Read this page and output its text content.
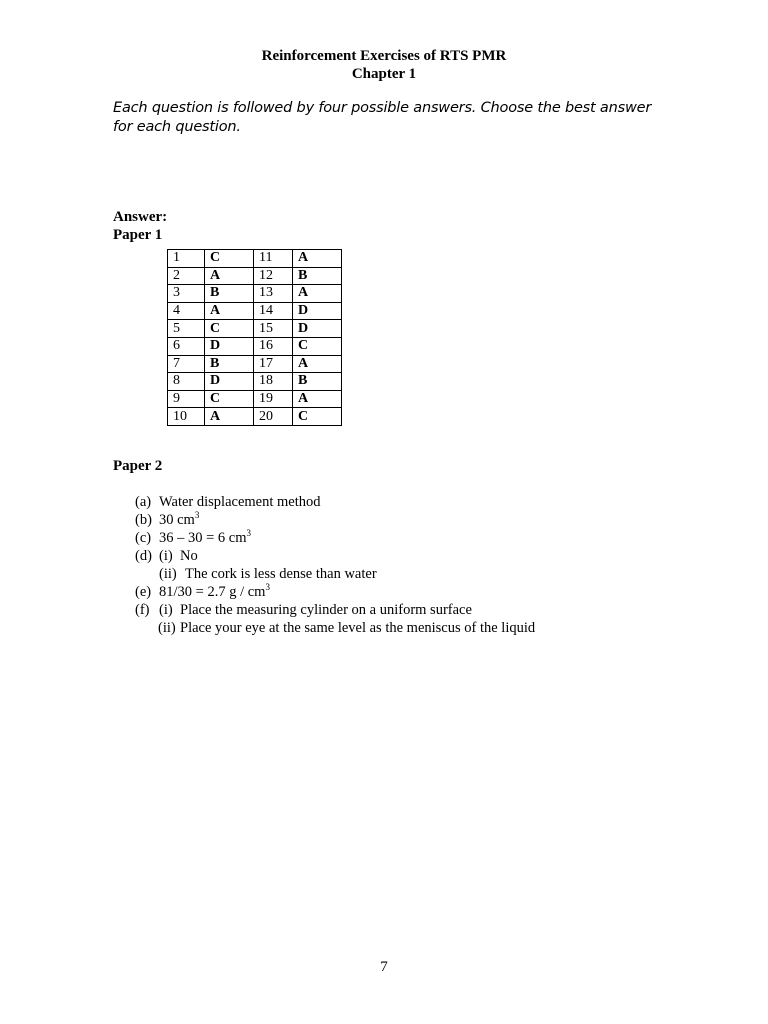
Reinforcement Exercises of RTS PMR
Chapter 1
Each question is followed by four possible answers. Choose the best answer for each question.
Answer:
Paper 1
1	C	11	A
2	A	12	B
3	B	13	A
4	A	14	D
5	C	15	D
6	D	16	C
7	B	17	A
8	D	18	B
9	C	19	A
10	A	20	C
Paper 2
(a) Water displacement method
(b) 30 $cm^3$
(c) 36 – 30 = 6 $cm^3$
(d) (i) No
(ii) The cork is less dense than water
(e) 81/30 = 2.7 g / $cm^3$
(f) (i) Place the measuring cylinder on a uniform surface
(ii) Place your eye at the same level as the meniscus of the liquid
7
